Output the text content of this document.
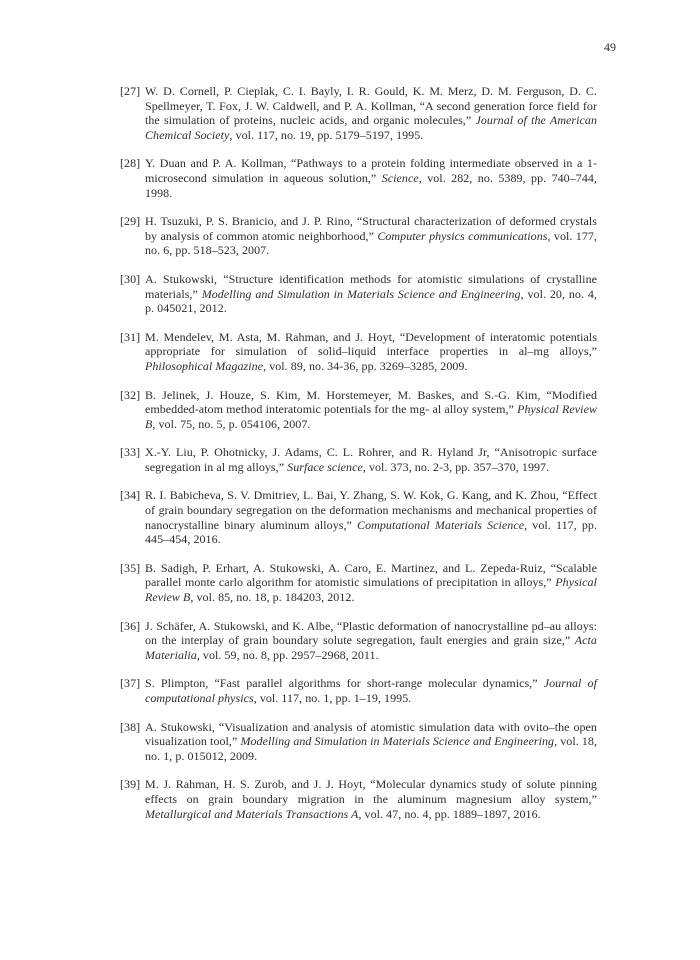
49
[27] W. D. Cornell, P. Cieplak, C. I. Bayly, I. R. Gould, K. M. Merz, D. M. Ferguson, D. C. Spellmeyer, T. Fox, J. W. Caldwell, and P. A. Kollman, “A second generation force field for the simulation of proteins, nucleic acids, and organic molecules,” Journal of the American Chemical Society, vol. 117, no. 19, pp. 5179–5197, 1995.
[28] Y. Duan and P. A. Kollman, “Pathways to a protein folding intermediate observed in a 1-microsecond simulation in aqueous solution,” Science, vol. 282, no. 5389, pp. 740–744, 1998.
[29] H. Tsuzuki, P. S. Branicio, and J. P. Rino, “Structural characterization of deformed crystals by analysis of common atomic neighborhood,” Computer physics communications, vol. 177, no. 6, pp. 518–523, 2007.
[30] A. Stukowski, “Structure identification methods for atomistic simulations of crystalline materials,” Modelling and Simulation in Materials Science and Engineering, vol. 20, no. 4, p. 045021, 2012.
[31] M. Mendelev, M. Asta, M. Rahman, and J. Hoyt, “Development of interatomic potentials appropriate for simulation of solid–liquid interface properties in al–mg alloys,” Philosophical Magazine, vol. 89, no. 34-36, pp. 3269–3285, 2009.
[32] B. Jelinek, J. Houze, S. Kim, M. Horstemeyer, M. Baskes, and S.-G. Kim, “Modified embedded-atom method interatomic potentials for the mg- al alloy system,” Physical Review B, vol. 75, no. 5, p. 054106, 2007.
[33] X.-Y. Liu, P. Ohotnicky, J. Adams, C. L. Rohrer, and R. Hyland Jr, “Anisotropic surface segregation in al mg alloys,” Surface science, vol. 373, no. 2-3, pp. 357–370, 1997.
[34] R. I. Babicheva, S. V. Dmitriev, L. Bai, Y. Zhang, S. W. Kok, G. Kang, and K. Zhou, “Effect of grain boundary segregation on the deformation mechanisms and mechanical properties of nanocrystalline binary aluminum alloys,” Computational Materials Science, vol. 117, pp. 445–454, 2016.
[35] B. Sadigh, P. Erhart, A. Stukowski, A. Caro, E. Martinez, and L. Zepeda-Ruiz, “Scalable parallel monte carlo algorithm for atomistic simulations of precipitation in alloys,” Physical Review B, vol. 85, no. 18, p. 184203, 2012.
[36] J. Schäfer, A. Stukowski, and K. Albe, “Plastic deformation of nanocrystalline pd–au alloys: on the interplay of grain boundary solute segregation, fault energies and grain size,” Acta Materialia, vol. 59, no. 8, pp. 2957–2968, 2011.
[37] S. Plimpton, “Fast parallel algorithms for short-range molecular dynamics,” Journal of computational physics, vol. 117, no. 1, pp. 1–19, 1995.
[38] A. Stukowski, “Visualization and analysis of atomistic simulation data with ovito–the open visualization tool,” Modelling and Simulation in Materials Science and Engineering, vol. 18, no. 1, p. 015012, 2009.
[39] M. J. Rahman, H. S. Zurob, and J. J. Hoyt, “Molecular dynamics study of solute pinning effects on grain boundary migration in the aluminum magnesium alloy system,” Metallurgical and Materials Transactions A, vol. 47, no. 4, pp. 1889–1897, 2016.
